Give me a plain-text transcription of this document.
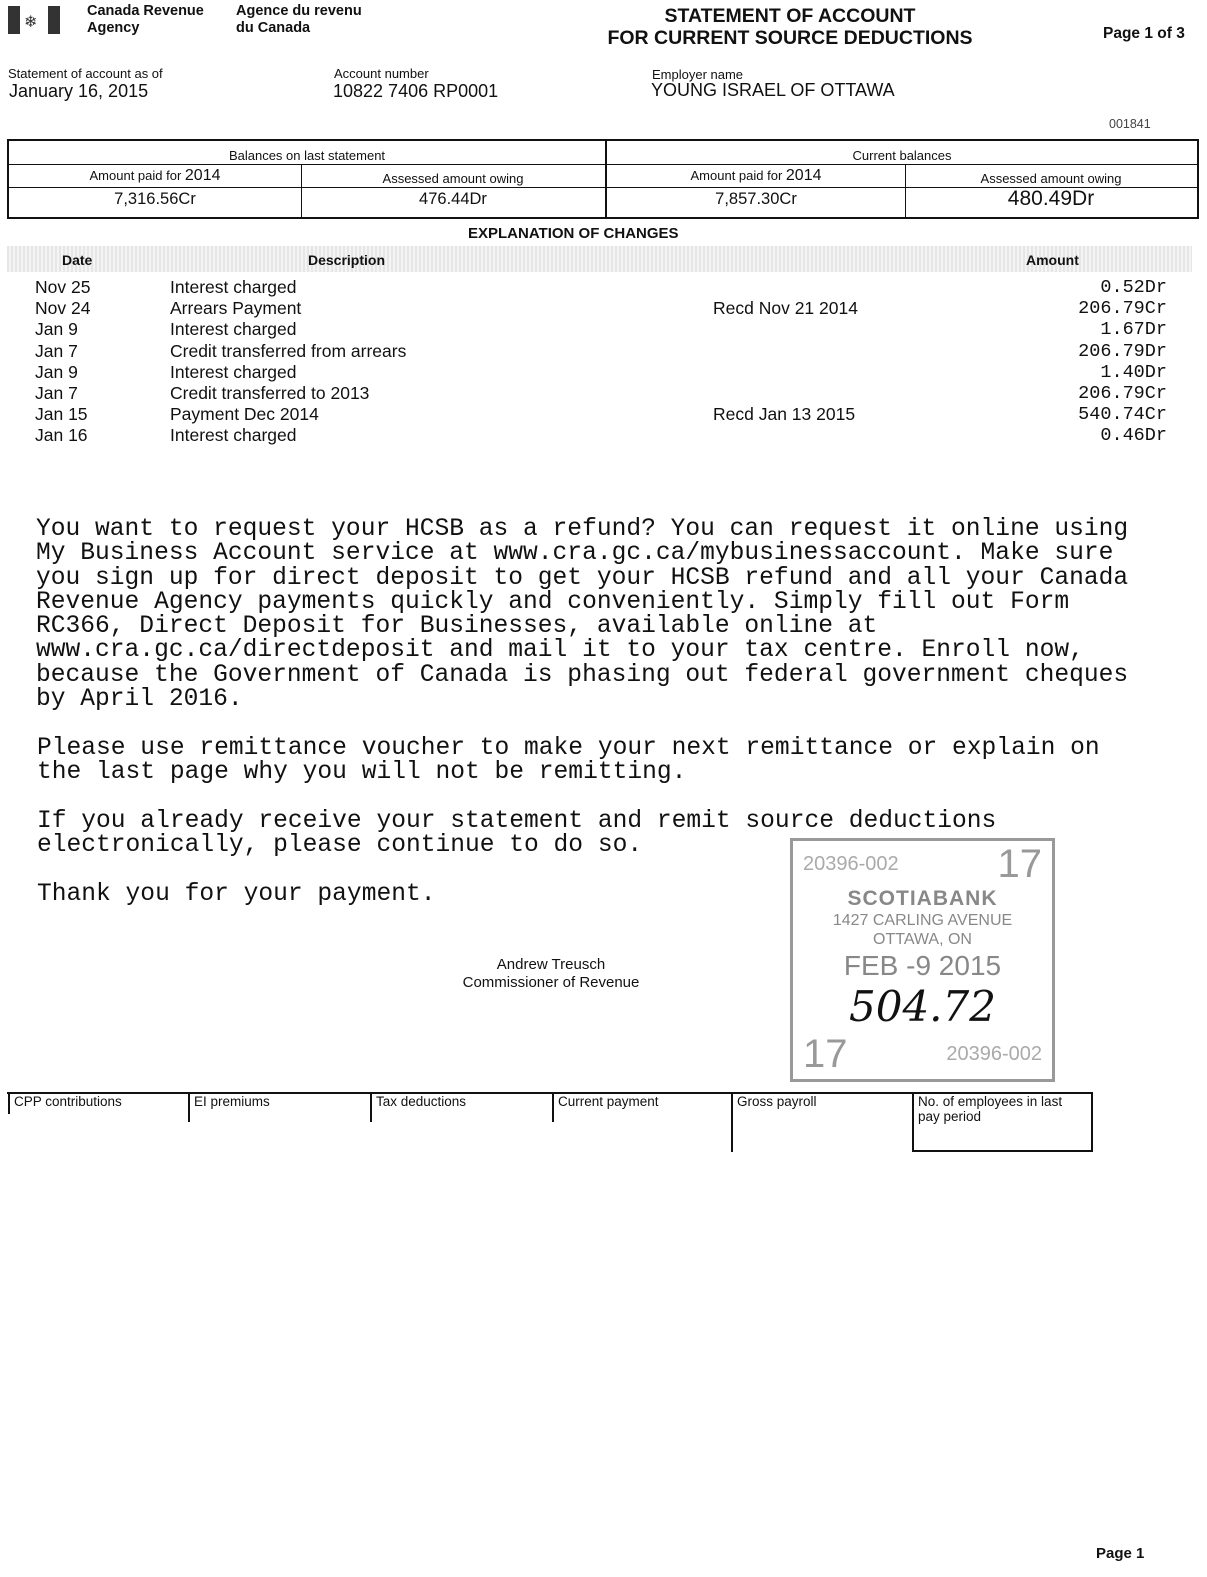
❄
Canada Revenue
Agency
Agence du revenu
du Canada
STATEMENT OF ACCOUNT
FOR CURRENT SOURCE DEDUCTIONS	Page 1 of 3
Statement of account as of
January 16, 2015
Account number
10822 7406 RP0001
Employer name
YOUNG ISRAEL OF OTTAWA
001841
Balances on last statement	Current balances
Amount paid for 2014	Assessed amount owing	Amount paid for 2014	Assessed amount owing
7,316.56Cr	476.44Dr	7,857.30Cr	480.49Dr
EXPLANATION OF CHANGES
Date	Description	Amount
Nov 25	Interest charged	0.52Dr
Nov 24	Arrears Payment	Recd Nov 21 2014	206.79Cr
Jan 9	Interest charged	1.67Dr
Jan 7	Credit transferred from arrears	206.79Dr
Jan 9	Interest charged	1.40Dr
Jan 7	Credit transferred to 2013	206.79Cr
Jan 15	Payment Dec 2014	Recd Jan 13 2015	540.74Cr
Jan 16	Interest charged	0.46Dr
You want to request your HCSB as a refund? You can request it online using
My Business Account service at www.cra.gc.ca/mybusinessaccount. Make sure
you sign up for direct deposit to get your HCSB refund and all your Canada
Revenue Agency payments quickly and conveniently. Simply fill out Form
RC366, Direct Deposit for Businesses, available online at
www.cra.gc.ca/directdeposit and mail it to your tax centre. Enroll now,
because the Government of Canada is phasing out federal government cheques
by April 2016.
Please use remittance voucher to make your next remittance or explain on
the last page why you will not be remitting.
If you already receive your statement and remit source deductions
electronically, please continue to do so.
Thank you for your payment.
Andrew Treusch
Commissioner of Revenue
20396-002 17
SCOTIABANK
1427 CARLING AVENUE
OTTAWA, ON
FEB -9 2015
504.72
17	20396-002
CPP contributions	EI premiums	Tax deductions	Current payment	Gross payroll	No. of employees in last pay period
Page 1
